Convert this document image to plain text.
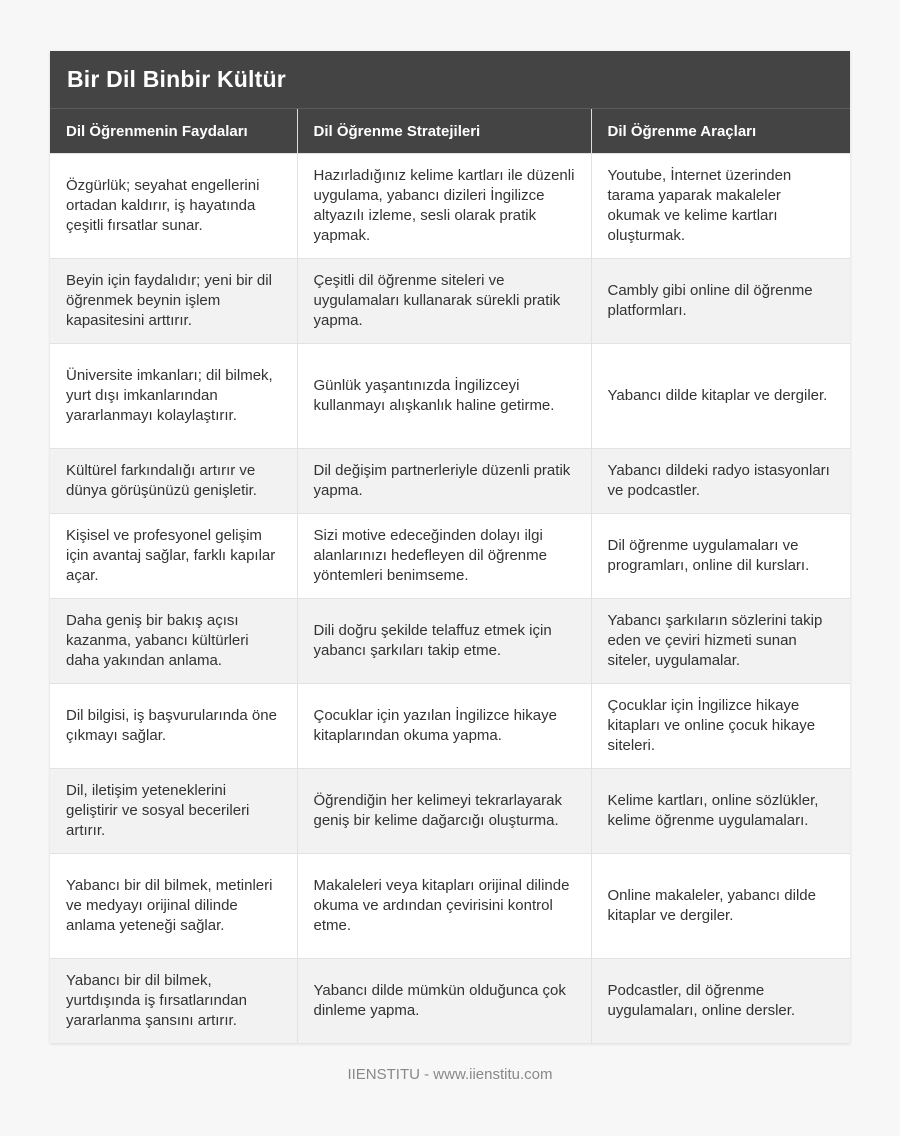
Bir Dil Binbir Kültür
Dil Öğrenmenin Faydaları	Dil Öğrenme Stratejileri	Dil Öğrenme Araçları
Özgürlük; seyahat engellerini ortadan kaldırır, iş hayatında çeşitli fırsatlar sunar.	Hazırladığınız kelime kartları ile düzenli uygulama, yabancı dizileri İngilizce altyazılı izleme, sesli olarak pratik yapmak.	Youtube, İnternet üzerinden tarama yaparak makaleler okumak ve kelime kartları oluşturmak.
Beyin için faydalıdır; yeni bir dil öğrenmek beynin işlem kapasitesini arttırır.	Çeşitli dil öğrenme siteleri ve uygulamaları kullanarak sürekli pratik yapma.	Cambly gibi online dil öğrenme platformları.
Üniversite imkanları; dil bilmek, yurt dışı imkanlarından yararlanmayı kolaylaştırır.	Günlük yaşantınızda İngilizceyi kullanmayı alışkanlık haline getirme.	Yabancı dilde kitaplar ve dergiler.
Kültürel farkındalığı artırır ve dünya görüşünüzü genişletir.	Dil değişim partnerleriyle düzenli pratik yapma.	Yabancı dildeki radyo istasyonları ve podcastler.
Kişisel ve profesyonel gelişim için avantaj sağlar, farklı kapılar açar.	Sizi motive edeceğinden dolayı ilgi alanlarınızı hedefleyen dil öğrenme yöntemleri benimseme.	Dil öğrenme uygulamaları ve programları, online dil kursları.
Daha geniş bir bakış açısı kazanma, yabancı kültürleri daha yakından anlama.	Dili doğru şekilde telaffuz etmek için yabancı şarkıları takip etme.	Yabancı şarkıların sözlerini takip eden ve çeviri hizmeti sunan siteler, uygulamalar.
Dil bilgisi, iş başvurularında öne çıkmayı sağlar.	Çocuklar için yazılan İngilizce hikaye kitaplarından okuma yapma.	Çocuklar için İngilizce hikaye kitapları ve online çocuk hikaye siteleri.
Dil, iletişim yeteneklerini geliştirir ve sosyal becerileri artırır.	Öğrendiğin her kelimeyi tekrarlayarak geniş bir kelime dağarcığı oluşturma.	Kelime kartları, online sözlükler, kelime öğrenme uygulamaları.
Yabancı bir dil bilmek, metinleri ve medyayı orijinal dilinde anlama yeteneği sağlar.	Makaleleri veya kitapları orijinal dilinde okuma ve ardından çevirisini kontrol etme.	Online makaleler, yabancı dilde kitaplar ve dergiler.
Yabancı bir dil bilmek, yurtdışında iş fırsatlarından yararlanma şansını artırır.	Yabancı dilde mümkün olduğunca çok dinleme yapma.	Podcastler, dil öğrenme uygulamaları, online dersler.
IIENSTITU - www.iienstitu.com
